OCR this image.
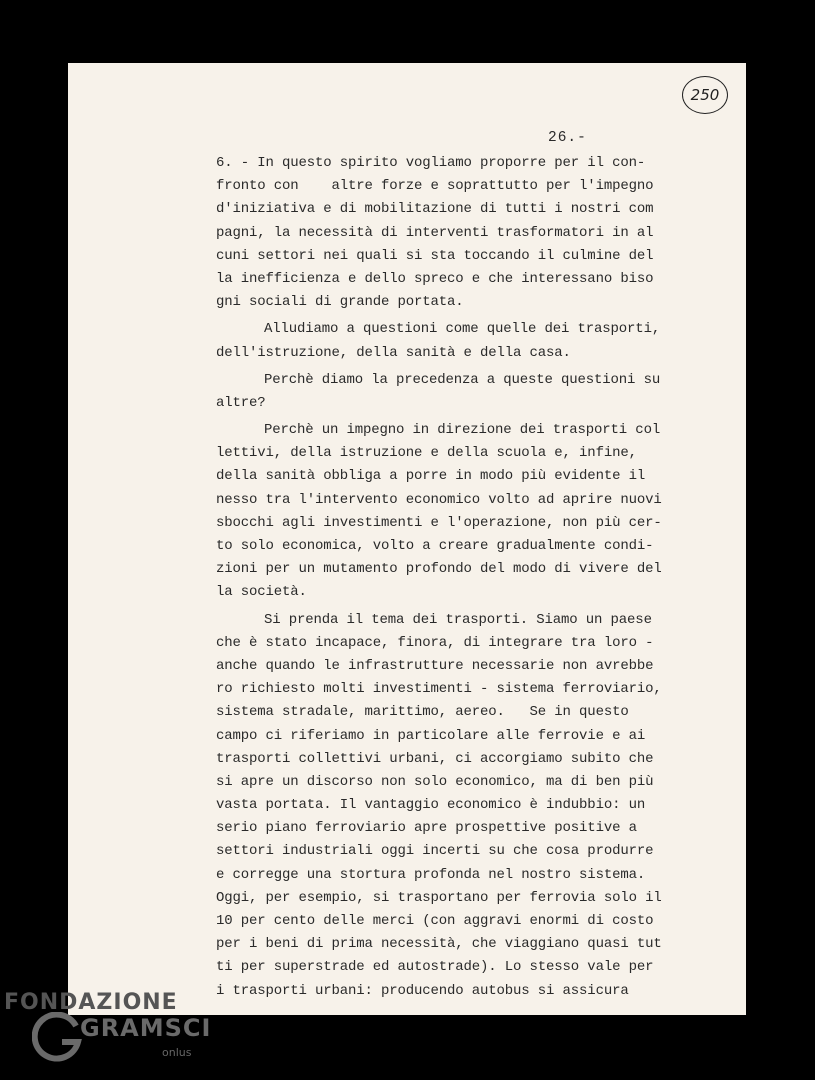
250
26.-
6. - In questo spirito vogliamo proporre per il con-
fronto con    altre forze e soprattutto per l'impegno
d'iniziativa e di mobilitazione di tutti i nostri com
pagni, la necessità di interventi trasformatori in al
cuni settori nei quali si sta toccando il culmine del
la inefficienza e dello spreco e che interessano biso
gni sociali di grande portata.
Alludiamo a questioni come quelle dei trasporti,
dell'istruzione, della sanità e della casa.
Perchè diamo la precedenza a queste questioni su
altre?
Perchè un impegno in direzione dei trasporti col
lettivi, della istruzione e della scuola e, infine,
della sanità obbliga a porre in modo più evidente il
nesso tra l'intervento economico volto ad aprire nuovi
sbocchi agli investimenti e l'operazione, non più cer-
to solo economica, volto a creare gradualmente condi-
zioni per un mutamento profondo del modo di vivere del
la società.
Si prenda il tema dei trasporti. Siamo un paese
che è stato incapace, finora, di integrare tra loro -
anche quando le infrastrutture necessarie non avrebbe
ro richiesto molti investimenti - sistema ferroviario,
sistema stradale, marittimo, aereo.   Se in questo
campo ci riferiamo in particolare alle ferrovie e ai
trasporti collettivi urbani, ci accorgiamo subito che
si apre un discorso non solo economico, ma di ben più
vasta portata. Il vantaggio economico è indubbio: un
serio piano ferroviario apre prospettive positive a
settori industriali oggi incerti su che cosa produrre
e corregge una stortura profonda nel nostro sistema.
Oggi, per esempio, si trasportano per ferrovia solo il
10 per cento delle merci (con aggravi enormi di costo
per i beni di prima necessità, che viaggiano quasi tut
ti per superstrade ed autostrade). Lo stesso vale per
i trasporti urbani: producendo autobus si assicura
FONDAZIONE
GRAMSCI
onlus
